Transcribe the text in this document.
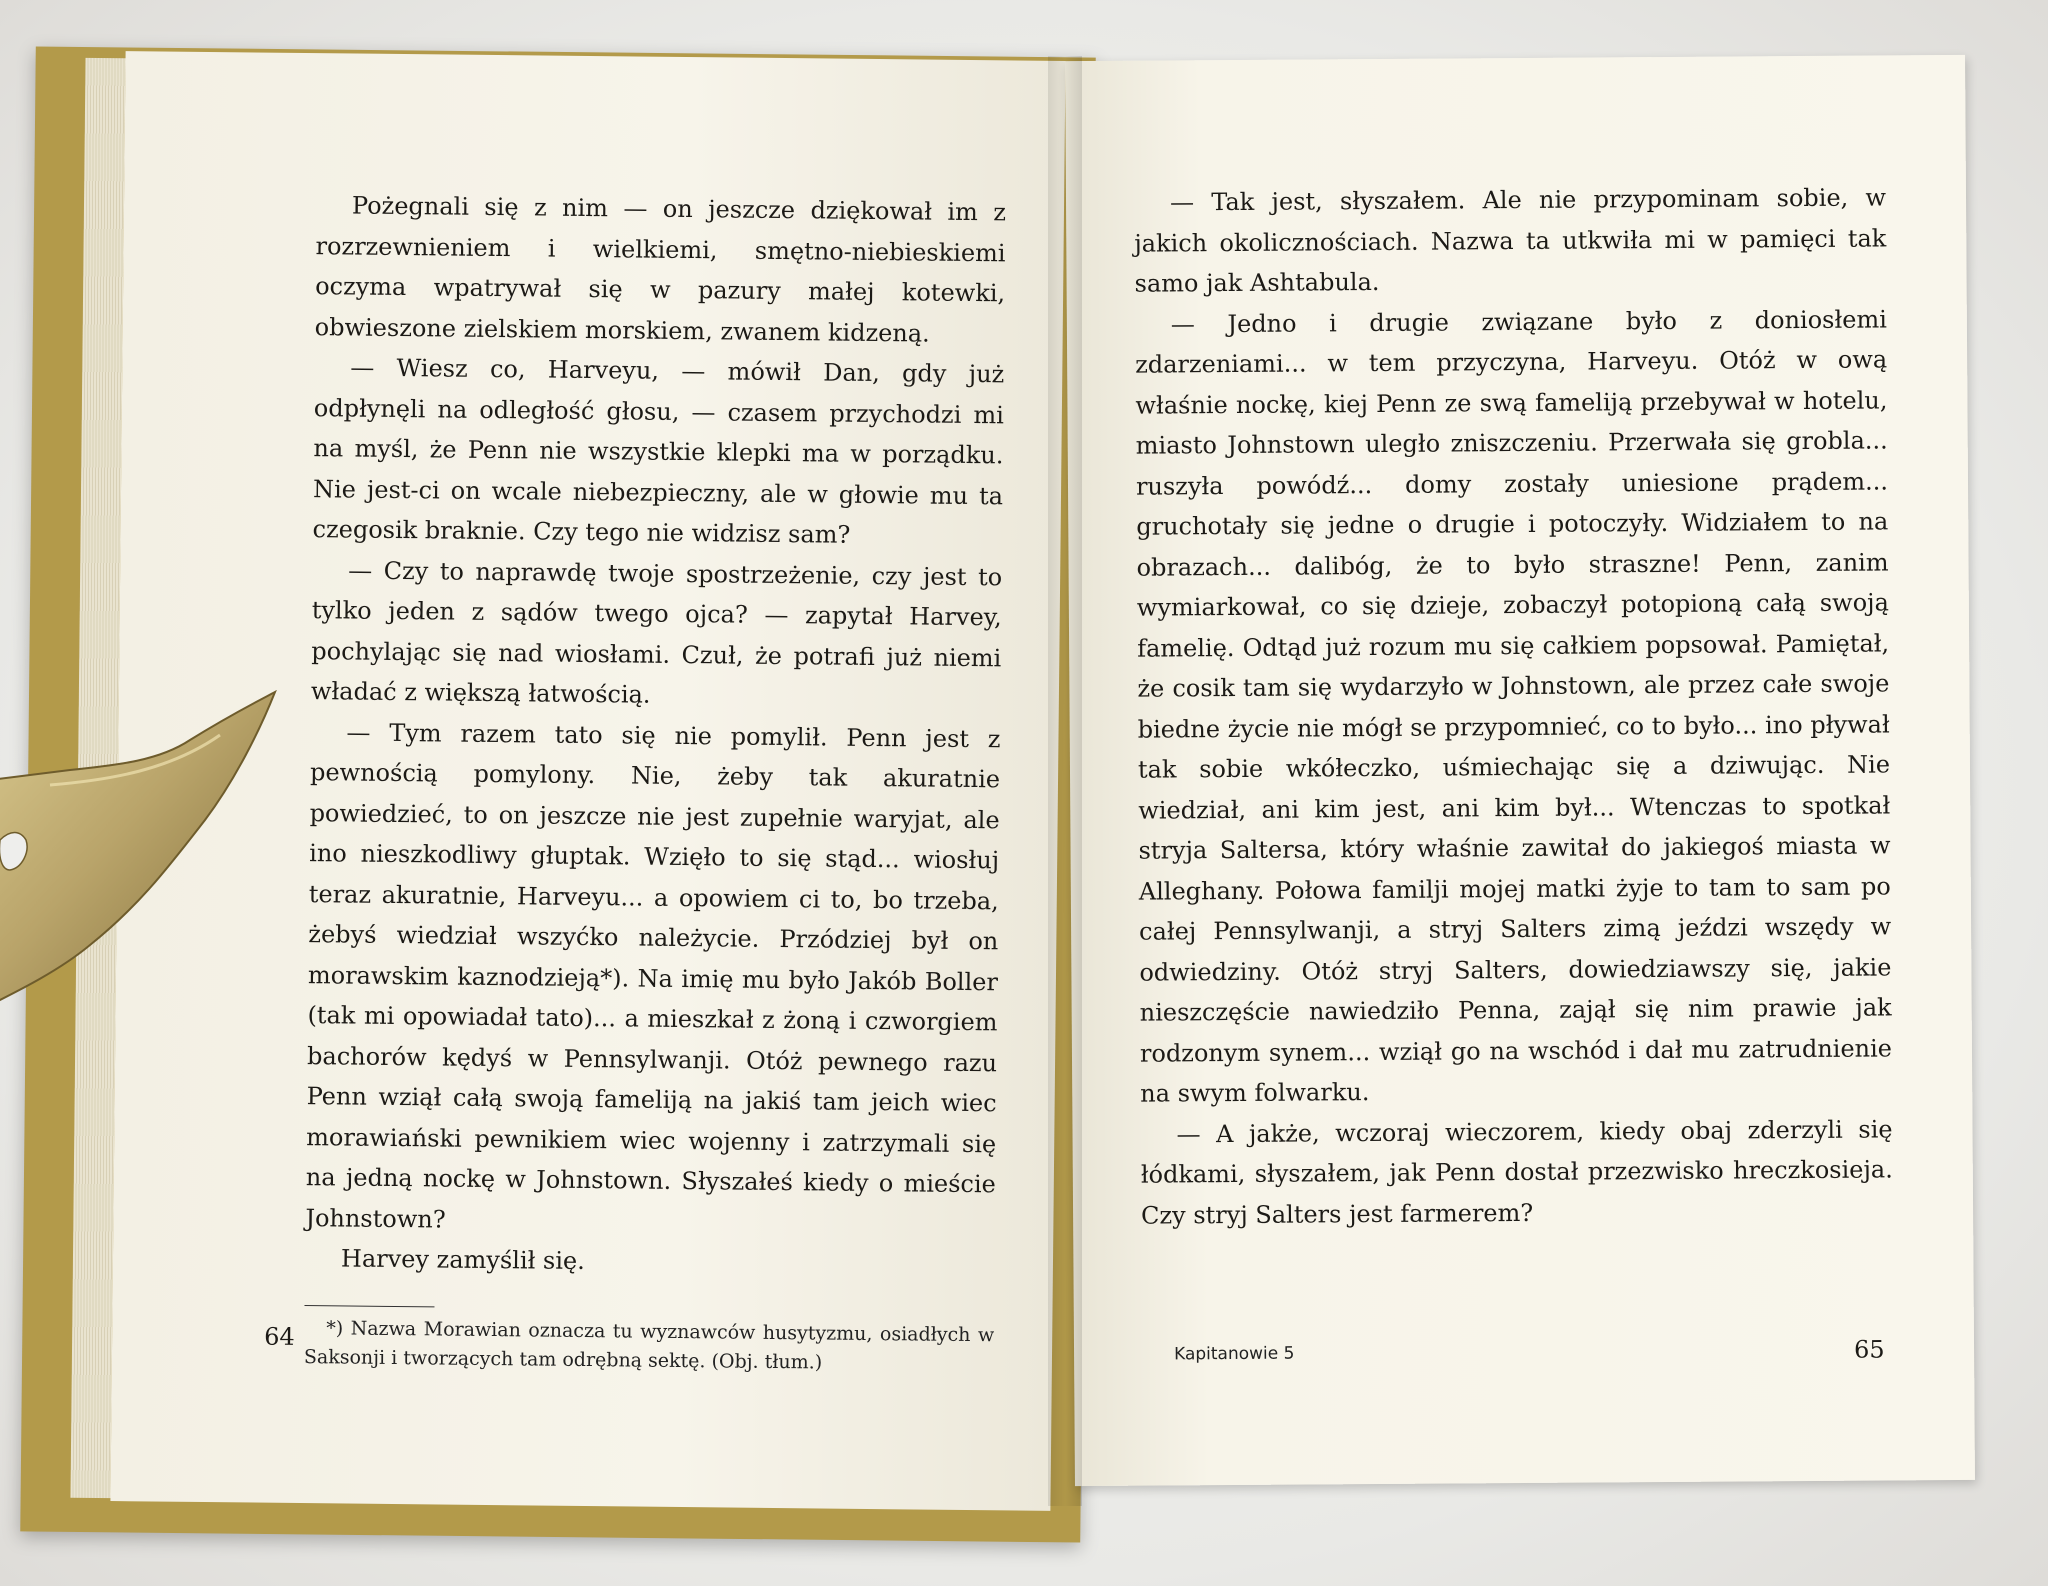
Pożegnali się z nim — on jeszcze dziękował im z rozrzewnieniem i wielkiemi, smętno-niebieskiemi oczyma wpatrywał się w pazury małej kotewki, obwieszone zielskiem morskiem, zwanem kidzeną.

— Wiesz co, Harveyu, — mówił Dan, gdy już odpłynęli na odległość głosu, — czasem przychodzi mi na myśl, że Penn nie wszystkie klepki ma w porządku. Nie jest-ci on wcale niebezpieczny, ale w głowie mu ta czegosik braknie. Czy tego nie widzisz sam?

— Czy to naprawdę twoje spostrzeżenie, czy jest to tylko jeden z sądów twego ojca? — zapytał Harvey, pochylając się nad wiosłami. Czuł, że potrafi już niemi władać z większą łatwością.

— Tym razem tato się nie pomylił. Penn jest z pewnością pomylony. Nie, żeby tak akuratnie powiedzieć, to on jeszcze nie jest zupełnie waryjat, ale ino nieszkodliwy głuptak. Wzięło to się stąd... wiosłuj teraz akuratnie, Harveyu... a opowiem ci to, bo trzeba, żebyś wiedział wszyćko należycie. Przódziej był on morawskim kaznodzieją*). Na imię mu było Jakób Boller (tak mi opowiadał tato)... a mieszkał z żoną i czworgiem bachorów kędyś w Pennsylwanji. Otóż pewnego razu Penn wziął całą swoją fameliją na jakiś tam jeich wiec morawiański pewnikiem wiec wojenny i zatrzymali się na jedną nockę w Johnstown. Słyszałeś kiedy o mieście Johnstown?

Harvey zamyślił się.

*) Nazwa Morawian oznacza tu wyznawców husytyzmu, osiadłych w Saksonji i tworzących tam odrębną sektę. (Obj. tłum.)

64

— Tak jest, słyszałem. Ale nie przypominam sobie, w jakich okolicznościach. Nazwa ta utkwiła mi w pamięci tak samo jak Ashtabula.

— Jedno i drugie związane było z doniosłemi zdarzeniami... w tem przyczyna, Harveyu. Otóż w ową właśnie nockę, kiej Penn ze swą fameliją przebywał w hotelu, miasto Johnstown uległo zniszczeniu. Przerwała się grobla... ruszyła powódź... domy zostały uniesione prądem... gruchotały się jedne o drugie i potoczyły. Widziałem to na obrazach... dalibóg, że to było straszne! Penn, zanim wymiarkował, co się dzieje, zobaczył potopioną całą swoją famelię. Odtąd już rozum mu się całkiem popsował. Pamiętał, że cosik tam się wydarzyło w Johnstown, ale przez całe swoje biedne życie nie mógł se przypomnieć, co to było... ino pływał tak sobie wkółeczko, uśmiechając się a dziwując. Nie wiedział, ani kim jest, ani kim był... Wtenczas to spotkał stryja Saltersa, który właśnie zawitał do jakiegoś miasta w Alleghany. Połowa familji mojej matki żyje to tam to sam po całej Pennsylwanji, a stryj Salters zimą jeździ wszędy w odwiedziny. Otóż stryj Salters, dowiedziawszy się, jakie nieszczęście nawiedziło Penna, zajął się nim prawie jak rodzonym synem... wziął go na wschód i dał mu zatrudnienie na swym folwarku.

— A jakże, wczoraj wieczorem, kiedy obaj zderzyli się łódkami, słyszałem, jak Penn dostał przezwisko hreczkosieja. Czy stryj Salters jest farmerem?

Kapitanowie 5	65
